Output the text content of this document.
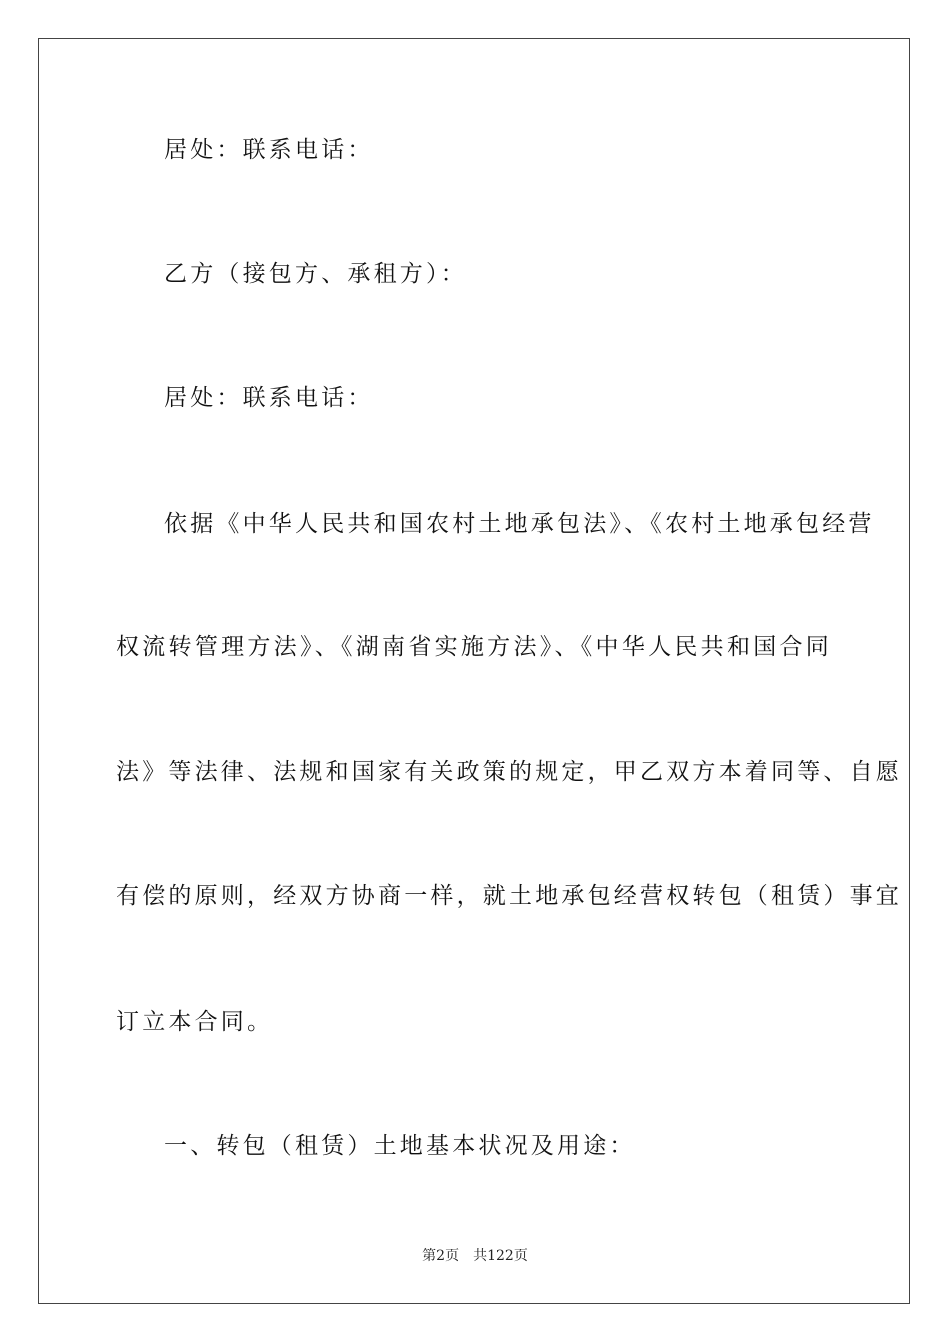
居处：联系电话：
乙方（接包方、承租方）：
居处：联系电话：
依据《中华人民共和国农村土地承包法》、《农村土地承包经营
权流转管理方法》、《湖南省实施方法》、《中华人民共和国合同
法》等法律、法规和国家有关政策的规定，甲乙双方本着同等、自愿
有偿的原则，经双方协商一样，就土地承包经营权转包（租赁）事宜
订立本合同。
一、转包（租赁）土地基本状况及用途：
第2页 共122页
